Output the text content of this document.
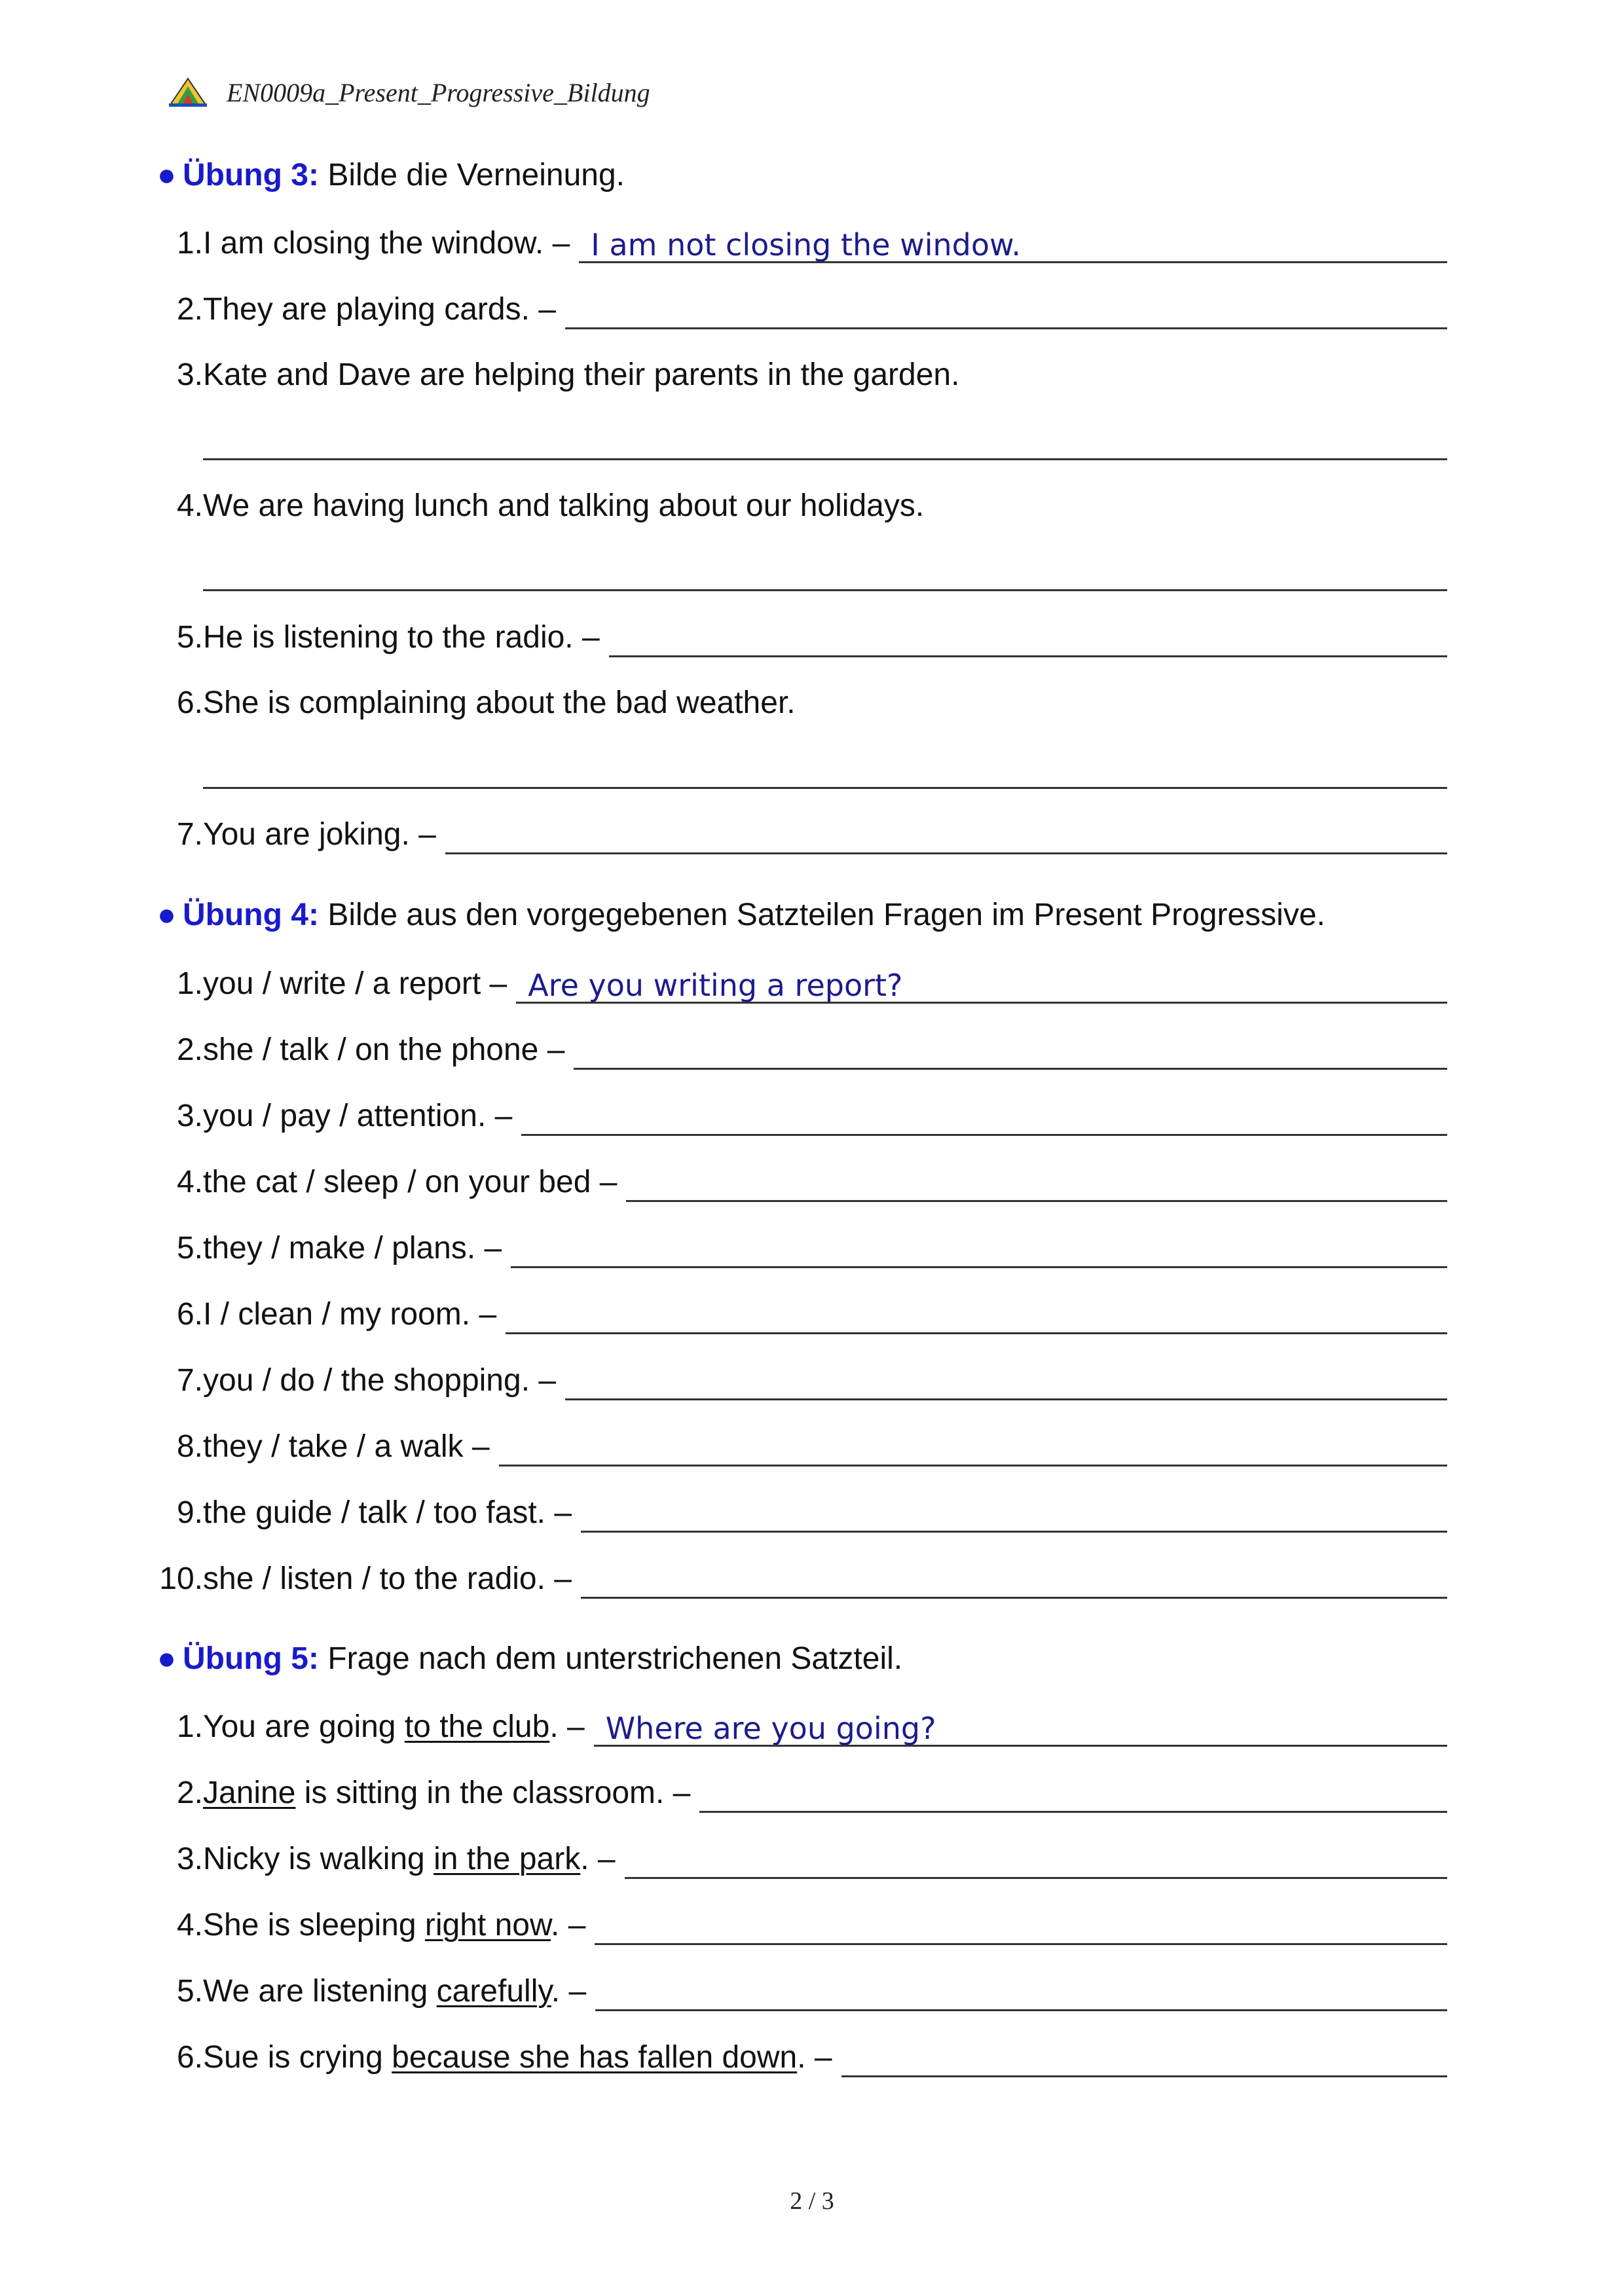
EN0009a_Present_Progressive_Bildung
● Übung 3: Bilde die Verneinung.
1. I am closing the window. – I am not closing the window.
2. They are playing cards. –
3. Kate and Dave are helping their parents in the garden.
4. We are having lunch and talking about our holidays.
5. He is listening to the radio. –
6. She is complaining about the bad weather.
7. You are joking. –
● Übung 4: Bilde aus den vorgegebenen Satzteilen Fragen im Present Progressive.
1. you / write / a report – Are you writing a report?
2. she / talk / on the phone –
3. you / pay / attention. –
4. the cat / sleep / on your bed –
5. they / make / plans. –
6. I / clean / my room. –
7. you / do / the shopping. –
8. they / take / a walk –
9. the guide / talk / too fast. –
10. she / listen / to the radio. –
● Übung 5: Frage nach dem unterstrichenen Satzteil.
1. You are going to the club. – Where are you going?
2. Janine is sitting in the classroom. –
3. Nicky is walking in the park. –
4. She is sleeping right now. –
5. We are listening carefully. –
6. Sue is crying because she has fallen down. –
2 / 3
